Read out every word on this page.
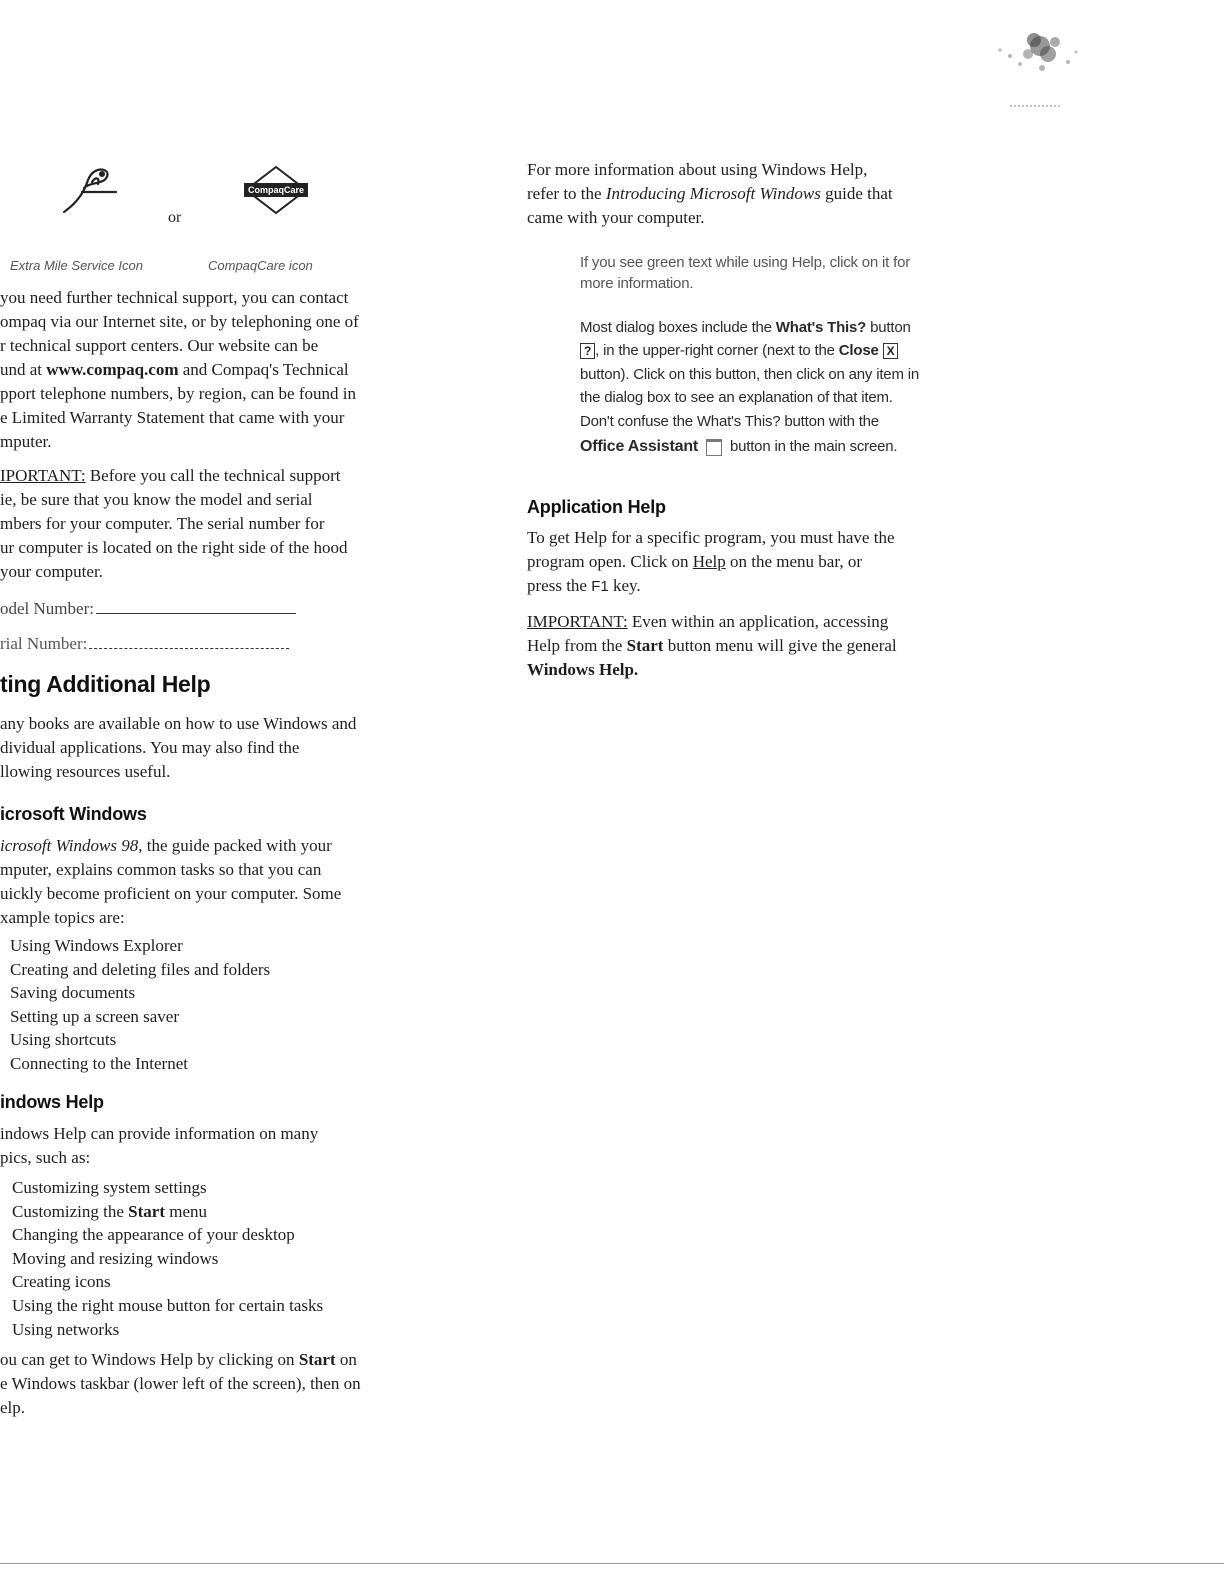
or
CompaqCare
Extra Mile Service Icon	CompaqCare icon
you need further technical support, you can contact
ompaq via our Internet site, or by telephoning one of
r technical support centers. Our website can be
und at www.compaq.com and Compaq's Technical
pport telephone numbers, by region, can be found in
e Limited Warranty Statement that came with your
mputer.
IPORTANT: Before you call the technical support
ie, be sure that you know the model and serial
mbers for your computer. The serial number for
ur computer is located on the right side of the hood
your computer.
odel Number:
rial Number:
ting Additional Help
any books are available on how to use Windows and
dividual applications. You may also find the
llowing resources useful.
icrosoft Windows
icrosoft Windows 98, the guide packed with your
mputer, explains common tasks so that you can
uickly become proficient on your computer. Some
xample topics are:
Using Windows Explorer
Creating and deleting files and folders
Saving documents
Setting up a screen saver
Using shortcuts
Connecting to the Internet
indows Help
indows Help can provide information on many
pics, such as:
Customizing system settings
Customizing the Start menu
Changing the appearance of your desktop
Moving and resizing windows
Creating icons
Using the right mouse button for certain tasks
Using networks
ou can get to Windows Help by clicking on Start on
e Windows taskbar (lower left of the screen), then on
elp.
For more information about using Windows Help,
refer to the Introducing Microsoft Windows guide that
came with your computer.
If you see green text while using Help, click on it for
more information.
Most dialog boxes include the What's This? button
? , in the upper-right corner (next to the Close X
button). Click on this button, then click on any item in
the dialog box to see an explanation of that item.
Don't confuse the What's This? button with the
Office Assistant  button in the main screen.
Application Help
To get Help for a specific program, you must have the
program open. Click on Help on the menu bar, or
press the F1 key.
IMPORTANT: Even within an application, accessing
Help from the Start button menu will give the general
Windows Help.
